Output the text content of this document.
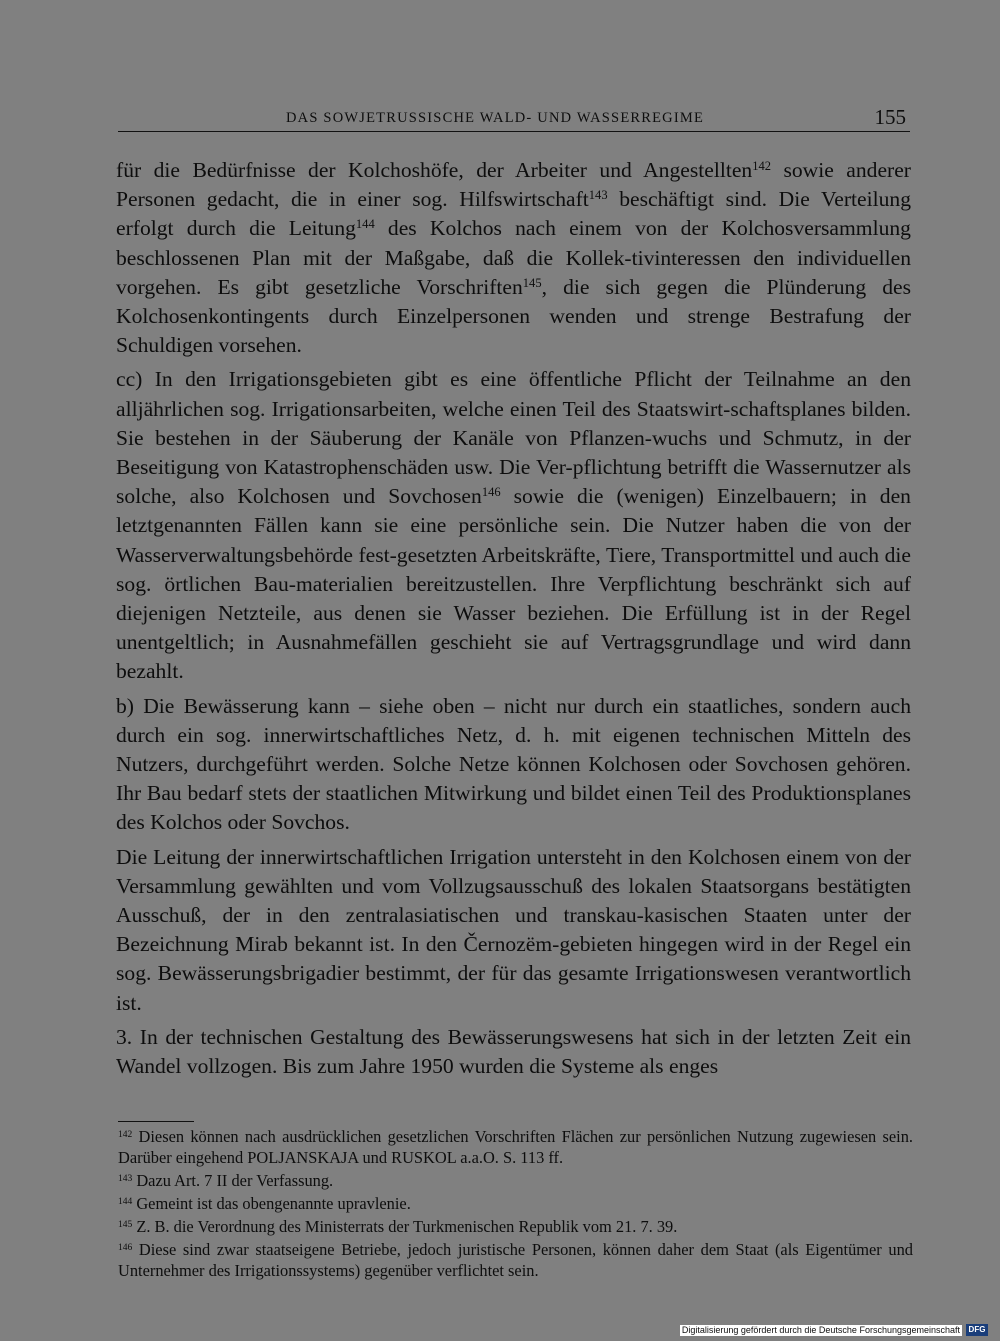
DAS SOWJETRUSSISCHE WALD- UND WASSERREGIME	155

für die Bedürfnisse der Kolchoshöfe, der Arbeiter und Angestellten$^{142}$ sowie anderer Personen gedacht, die in einer sog. Hilfswirtschaft$^{143}$ beschäftigt sind. Die Verteilung erfolgt durch die Leitung$^{144}$ des Kolchos nach einem von der Kolchosversammlung beschlossenen Plan mit der Maßgabe, daß die Kollek-tivinteressen den individuellen vorgehen. Es gibt gesetzliche Vorschriften$^{145}$, die sich gegen die Plünderung des Kolchosenkontingents durch Einzelpersonen wenden und strenge Bestrafung der Schuldigen vorsehen.

cc) In den Irrigationsgebieten gibt es eine öffentliche Pflicht der Teilnahme an den alljährlichen sog. Irrigationsarbeiten, welche einen Teil des Staatswirt-schaftsplanes bilden. Sie bestehen in der Säuberung der Kanäle von Pflanzen-wuchs und Schmutz, in der Beseitigung von Katastrophenschäden usw. Die Ver-pflichtung betrifft die Wassernutzer als solche, also Kolchosen und Sovchosen$^{146}$ sowie die (wenigen) Einzelbauern; in den letztgenannten Fällen kann sie eine persönliche sein. Die Nutzer haben die von der Wasserverwaltungsbehörde fest-gesetzten Arbeitskräfte, Tiere, Transportmittel und auch die sog. örtlichen Bau-materialien bereitzustellen. Ihre Verpflichtung beschränkt sich auf diejenigen Netzteile, aus denen sie Wasser beziehen. Die Erfüllung ist in der Regel unentgeltlich; in Ausnahmefällen geschieht sie auf Vertragsgrundlage und wird dann bezahlt.

b) Die Bewässerung kann – siehe oben – nicht nur durch ein staatliches, sondern auch durch ein sog. innerwirtschaftliches Netz, d. h. mit eigenen technischen Mitteln des Nutzers, durchgeführt werden. Solche Netze können Kolchosen oder Sovchosen gehören. Ihr Bau bedarf stets der staatlichen Mitwirkung und bildet einen Teil des Produktionsplanes des Kolchos oder Sovchos.

Die Leitung der innerwirtschaftlichen Irrigation untersteht in den Kolchosen einem von der Versammlung gewählten und vom Vollzugsausschuß des lokalen Staatsorgans bestätigten Ausschuß, der in den zentralasiatischen und transkau-kasischen Staaten unter der Bezeichnung Mirab bekannt ist. In den Černozëm-gebieten hingegen wird in der Regel ein sog. Bewässerungsbrigadier bestimmt, der für das gesamte Irrigationswesen verantwortlich ist.

3. In der technischen Gestaltung des Bewässerungswesens hat sich in der letzten Zeit ein Wandel vollzogen. Bis zum Jahre 1950 wurden die Systeme als enges

$^{142}$ Diesen können nach ausdrücklichen gesetzlichen Vorschriften Flächen zur persönlichen Nutzung zugewiesen sein. Darüber eingehend POLJANSKAJA und RUSKOL a.a.O. S. 113 ff.

$^{143}$ Dazu Art. 7 II der Verfassung.

$^{144}$ Gemeint ist das obengenannte upravlenie.

$^{145}$ Z. B. die Verordnung des Ministerrats der Turkmenischen Republik vom 21. 7. 39.

$^{146}$ Diese sind zwar staatseigene Betriebe, jedoch juristische Personen, können daher dem Staat (als Eigentümer und Unternehmer des Irrigationssystems) gegenüber verflichtet sein.

Digitalisierung gefördert durch die Deutsche Forschungsgemeinschaft	DFG
